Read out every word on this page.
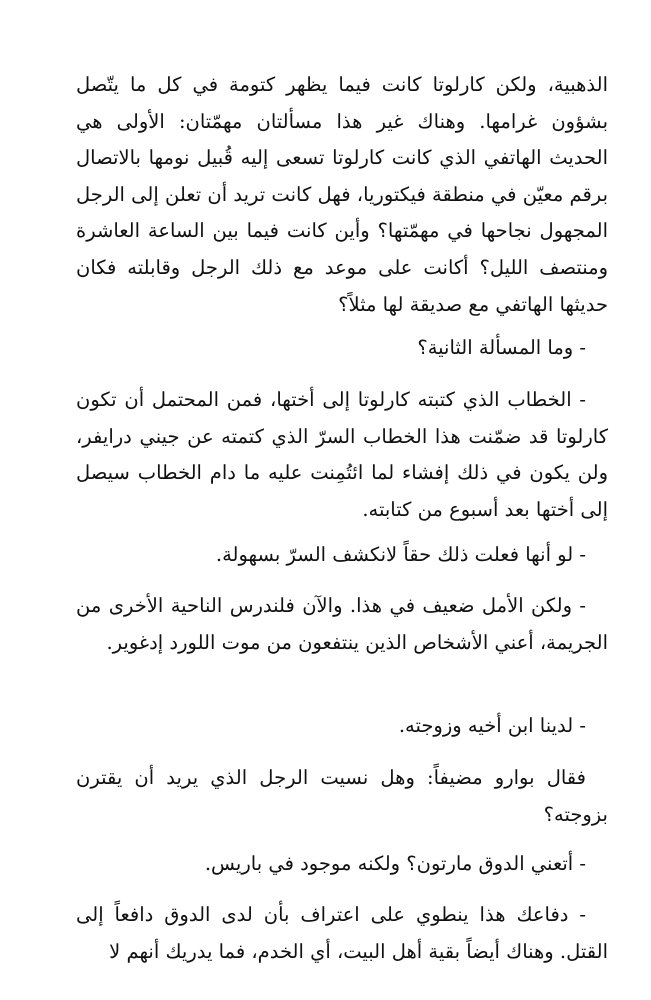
الذهبية، ولكن كارلوتا كانت فيما يظهر كتومة في كل ما يتّصل بشؤون غرامها. وهناك غير هذا مسألتان مهمّتان: الأولى هي الحديث الهاتفي الذي كانت كارلوتا تسعى إليه قُبيل نومها بالاتصال برقم معيّن في منطقة فيكتوريا، فهل كانت تريد أن تعلن إلى الرجل المجهول نجاحها في مهمّتها؟ وأين كانت فيما بين الساعة العاشرة ومنتصف الليل؟ أكانت على موعد مع ذلك الرجل وقابلته فكان حديثها الهاتفي مع صديقة لها مثلاً؟

- وما المسألة الثانية؟

- الخطاب الذي كتبته كارلوتا إلى أختها، فمن المحتمل أن تكون كارلوتا قد ضمّنت هذا الخطاب السرّ الذي كتمته عن جيني درايفر، ولن يكون في ذلك إفشاء لما ائتُمِنت عليه ما دام الخطاب سيصل إلى أختها بعد أسبوع من كتابته.

- لو أنها فعلت ذلك حقاً لانكشف السرّ بسهولة.

- ولكن الأمل ضعيف في هذا. والآن فلندرس الناحية الأخرى من الجريمة، أعني الأشخاص الذين ينتفعون من موت اللورد إدغوير.

- لدينا ابن أخيه وزوجته.

فقال بوارو مضيفاً: وهل نسيت الرجل الذي يريد أن يقترن بزوجته؟

- أتعني الدوق مارتون؟ ولكنه موجود في باريس.

- دفاعك هذا ينطوي على اعتراف بأن لدى الدوق دافعاً إلى القتل. وهناك أيضاً بقية أهل البيت، أي الخدم، فما يدريك أنهم لا
